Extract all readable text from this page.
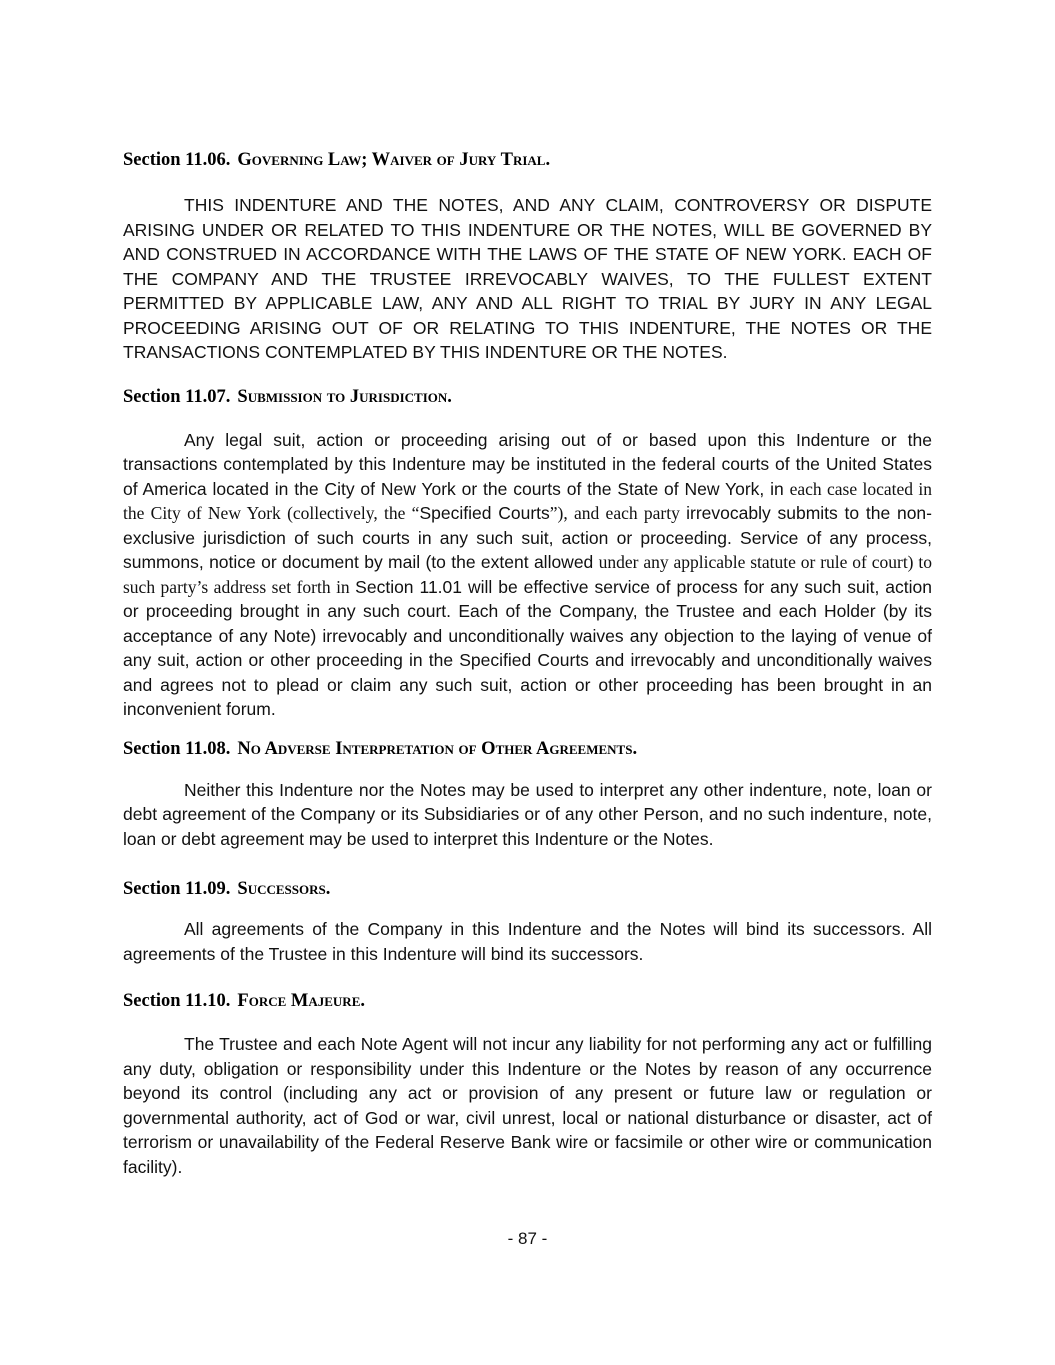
Section 11.06. Governing Law; Waiver of Jury Trial.

THIS INDENTURE AND THE NOTES, AND ANY CLAIM, CONTROVERSY OR DISPUTE ARISING UNDER OR RELATED TO THIS INDENTURE OR THE NOTES, WILL BE GOVERNED BY AND CONSTRUED IN ACCORDANCE WITH THE LAWS OF THE STATE OF NEW YORK. EACH OF THE COMPANY AND THE TRUSTEE IRREVOCABLY WAIVES, TO THE FULLEST EXTENT PERMITTED BY APPLICABLE LAW, ANY AND ALL RIGHT TO TRIAL BY JURY IN ANY LEGAL PROCEEDING ARISING OUT OF OR RELATING TO THIS INDENTURE, THE NOTES OR THE TRANSACTIONS CONTEMPLATED BY THIS INDENTURE OR THE NOTES.

Section 11.07. Submission to Jurisdiction.

Any legal suit, action or proceeding arising out of or based upon this Indenture or the transactions contemplated by this Indenture may be instituted in the federal courts of the United States of America located in the City of New York or the courts of the State of New York, in each case located in the City of New York (collectively, the “Specified Courts”), and each party irrevocably submits to the non-exclusive jurisdiction of such courts in any such suit, action or proceeding. Service of any process, summons, notice or document by mail (to the extent allowed under any applicable statute or rule of court) to such party’s address set forth in Section 11.01 will be effective service of process for any such suit, action or proceeding brought in any such court. Each of the Company, the Trustee and each Holder (by its acceptance of any Note) irrevocably and unconditionally waives any objection to the laying of venue of any suit, action or other proceeding in the Specified Courts and irrevocably and unconditionally waives and agrees not to plead or claim any such suit, action or other proceeding has been brought in an inconvenient forum.

Section 11.08. No Adverse Interpretation of Other Agreements.

Neither this Indenture nor the Notes may be used to interpret any other indenture, note, loan or debt agreement of the Company or its Subsidiaries or of any other Person, and no such indenture, note, loan or debt agreement may be used to interpret this Indenture or the Notes.

Section 11.09. Successors.

All agreements of the Company in this Indenture and the Notes will bind its successors. All agreements of the Trustee in this Indenture will bind its successors.

Section 11.10. Force Majeure.

The Trustee and each Note Agent will not incur any liability for not performing any act or fulfilling any duty, obligation or responsibility under this Indenture or the Notes by reason of any occurrence beyond its control (including any act or provision of any present or future law or regulation or governmental authority, act of God or war, civil unrest, local or national disturbance or disaster, act of terrorism or unavailability of the Federal Reserve Bank wire or facsimile or other wire or communication facility).

- 87 -
